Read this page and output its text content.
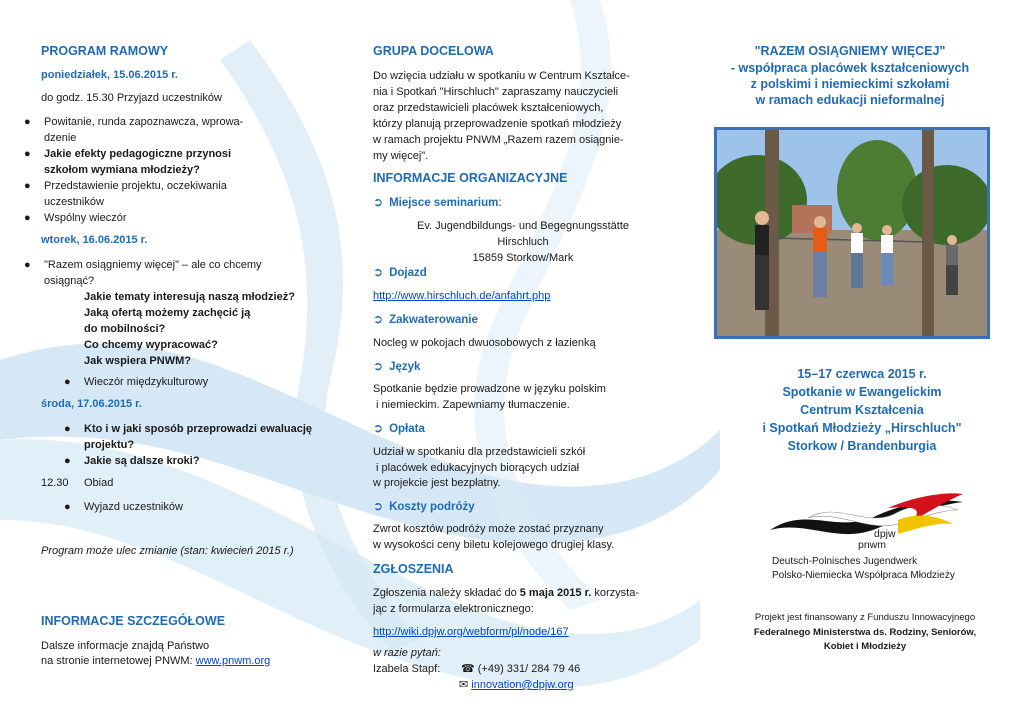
PROGRAM RAMOWY
poniedziałek, 15.06.2015 r.
do godz. 15.30 Przyjazd uczestników
● Powitanie, runda zapoznawcza, wprowa-
dzenie
● Jakie efekty pedagogiczne przynosi
szkołom wymiana młodzieży?
● Przedstawienie projektu, oczekiwania
uczestników
● Wspólny wieczór
wtorek, 16.06.2015 r.
● "Razem osiągniemy więcej" – ale co chcemy
osiągnąć?
Jakie tematy interesują naszą młodzież?
Jaką ofertą możemy zachęcić ją
do mobilności?
Co chcemy wypracować?
Jak wspiera PNWM?
● Wieczór międzykulturowy
środa, 17.06.2015 r.
● Kto i w jaki sposób przeprowadzi ewaluację
projektu?
● Jakie są dalsze kroki?
12.30 Obiad
● Wyjazd uczestników
Program może ulec zmianie (stan: kwiecień 2015 r.)
INFORMACJE SZCZEGÓŁOWE
Dalsze informacje znajdą Państwo
na stronie internetowej PNWM: www.pnwm.org
GRUPA DOCELOWA
Do wzięcia udziału w spotkaniu w Centrum Kształce-
nia i Spotkań "Hirschluch" zapraszamy nauczycieli
oraz przedstawicieli placówek kształceniowych,
którzy planują przeprowadzenie spotkań młodzieży
w ramach projektu PNWM „Razem razem osiągnie-
my więcej".
INFORMACJE ORGANIZACYJNE
➲ Miejsce seminarium:
Ev. Jugendbildungs- und Begegnungsstätte
Hirschluch
15859 Storkow/Mark
➲ Dojazd
http://www.hirschluch.de/anfahrt.php
➲ Zakwaterowanie
Nocleg w pokojach dwuosobowych z łazienką
➲ Język
Spotkanie będzie prowadzone w języku polskim
i niemieckim. Zapewniamy tłumaczenie.
➲ Opłata
Udział w spotkaniu dla przedstawicieli szkół
i placówek edukacyjnych biorących udział
w projekcie jest bezpłatny.
➲ Koszty podróży
Zwrot kosztów podróży może zostać przyznany
w wysokości ceny biletu kolejowego drugiej klasy.
ZGŁOSZENIA
Zgłoszenia należy składać do 5 maja 2015 r. korzysta-
jąc z formularza elektronicznego:
http://wiki.dpjw.org/webform/pl/node/167
w razie pytań:
Izabela Stapf: ☎ (+49) 331/ 284 79 46
✉ innovation@dpjw.org
"RAZEM OSIĄGNIEMY WIĘCEJ"
- współpraca placówek kształceniowych
z polskimi i niemieckimi szkołami
w ramach edukacji nieformalnej
15–17 czerwca 2015 r.
Spotkanie w Ewangelickim
Centrum Kształcenia
i Spotkań Młodzieży „Hirschluch"
Storkow / Brandenburgia
dpjw
pnwm
Deutsch-Polnisches Jugendwerk
Polsko-Niemiecka Współpraca Młodzieży
Projekt jest finansowany z Funduszu Innowacyjnego
Federalnego Ministerstwa ds. Rodziny, Seniorów,
Kobiet i Młodzieży
